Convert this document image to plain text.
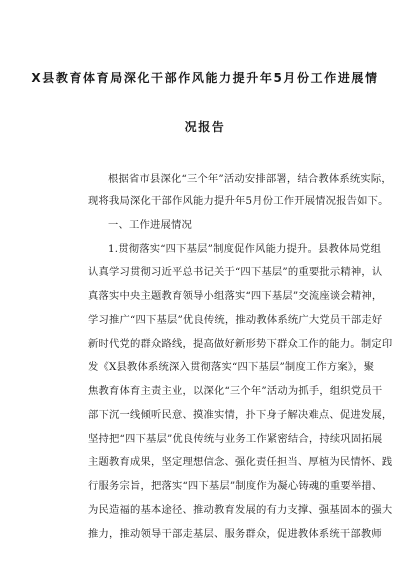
X县教育体育局深化干部作风能力提升年5月份工作进展情
况报告
根据省市县深化“三个年”活动安排部署，结合教体系统实际，
现将我局深化干部作风能力提升年5月份工作开展情况报告如下。
一、工作进展情况
1.贯彻落实“四下基层”制度促作风能力提升。县教体局党组
认真学习贯彻习近平总书记关于“四下基层”的重要批示精神，认
真落实中央主题教育领导小组落实“四下基层”交流座谈会精神，
学习推广“四下基层”优良传统，推动教体系统广大党员干部走好
新时代党的群众路线，提高做好新形势下群众工作的能力。制定印
发《X县教体系统深入贯彻落实“四下基层”制度工作方案》，聚
焦教育体育主责主业，以深化“三个年”活动为抓手，组织党员干
部下沉一线倾听民意、摸准实情，扑下身子解决难点、促进发展，
坚持把“四下基层”优良传统与业务工作紧密结合，持续巩固拓展
主题教育成果，坚定理想信念、强化责任担当、厚植为民情怀、践
行服务宗旨，把落实“四下基层”制度作为凝心铸魂的重要举措、
为民造福的基本途径、推动教育发展的有力支撑、强基固本的强大
推力，推动领导干部走基层、服务群众，促进教体系统干部教师
